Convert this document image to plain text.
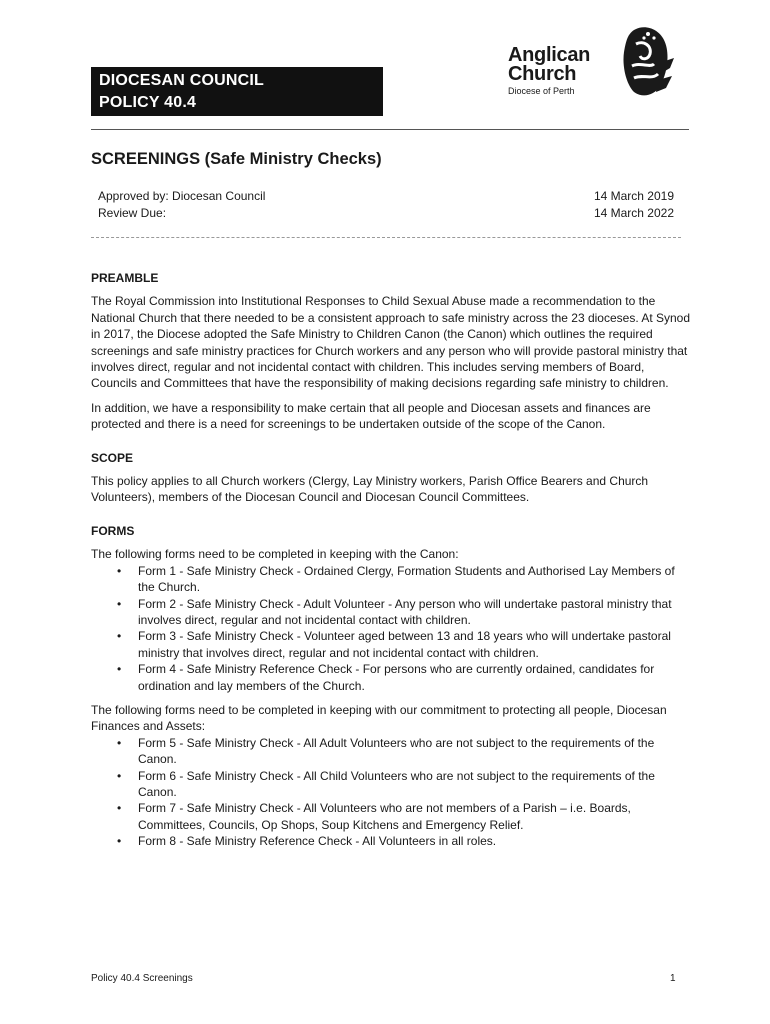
DIOCESAN COUNCIL
POLICY 40.4
Anglican
Church
Diocese of Perth
SCREENINGS (Safe Ministry Checks)
Approved by: Diocesan Council	14 March 2019
Review Due:	14 March 2022
PREAMBLE
The Royal Commission into Institutional Responses to Child Sexual Abuse made a recommendation to the National Church that there needed to be a consistent approach to safe ministry across the 23 dioceses. At Synod in 2017, the Diocese adopted the Safe Ministry to Children Canon (the Canon) which outlines the required screenings and safe ministry practices for Church workers and any person who will provide pastoral ministry that involves direct, regular and not incidental contact with children. This includes serving members of Board, Councils and Committees that have the responsibility of making decisions regarding safe ministry to children.
In addition, we have a responsibility to make certain that all people and Diocesan assets and finances are protected and there is a need for screenings to be undertaken outside of the scope of the Canon.
SCOPE
This policy applies to all Church workers (Clergy, Lay Ministry workers, Parish Office Bearers and Church Volunteers), members of the Diocesan Council and Diocesan Council Committees.
FORMS
The following forms need to be completed in keeping with the Canon:
• Form 1 - Safe Ministry Check - Ordained Clergy, Formation Students and Authorised Lay Members of the Church.
• Form 2 - Safe Ministry Check - Adult Volunteer - Any person who will undertake pastoral ministry that involves direct, regular and not incidental contact with children.
• Form 3 - Safe Ministry Check - Volunteer aged between 13 and 18 years who will undertake pastoral ministry that involves direct, regular and not incidental contact with children.
• Form 4 - Safe Ministry Reference Check - For persons who are currently ordained, candidates for ordination and lay members of the Church.
The following forms need to be completed in keeping with our commitment to protecting all people, Diocesan Finances and Assets:
• Form 5 - Safe Ministry Check - All Adult Volunteers who are not subject to the requirements of the Canon.
• Form 6 - Safe Ministry Check - All Child Volunteers who are not subject to the requirements of the Canon.
• Form 7 - Safe Ministry Check - All Volunteers who are not members of a Parish – i.e. Boards, Committees, Councils, Op Shops, Soup Kitchens and Emergency Relief.
• Form 8 - Safe Ministry Reference Check - All Volunteers in all roles.
Policy 40.4 Screenings	1
